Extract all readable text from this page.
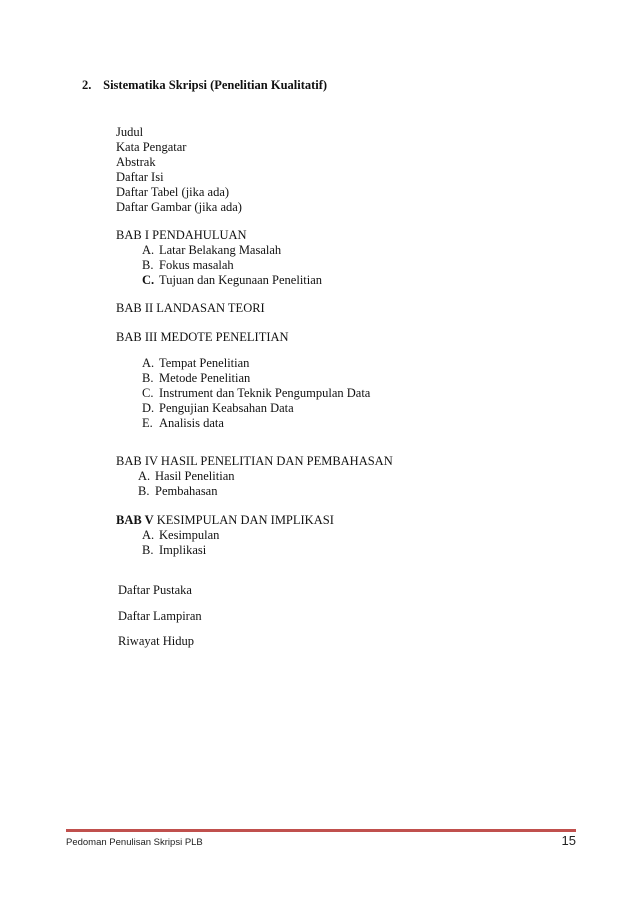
2. Sistematika Skripsi (Penelitian Kualitatif)
Judul
Kata Pengatar
Abstrak
Daftar Isi
Daftar Tabel (jika ada)
Daftar Gambar (jika ada)
BAB I PENDAHULUAN
A. Latar Belakang Masalah
B. Fokus masalah
C. Tujuan dan Kegunaan Penelitian
BAB II LANDASAN TEORI
BAB III MEDOTE PENELITIAN
A. Tempat Penelitian
B. Metode Penelitian
C. Instrument dan Teknik Pengumpulan Data
D. Pengujian Keabsahan Data
E. Analisis data
BAB IV HASIL PENELITIAN DAN PEMBAHASAN
A. Hasil Penelitian
B. Pembahasan
BAB V KESIMPULAN DAN IMPLIKASI
A. Kesimpulan
B. Implikasi
Daftar Pustaka
Daftar Lampiran
Riwayat Hidup
Pedoman Penulisan Skripsi PLB	15
